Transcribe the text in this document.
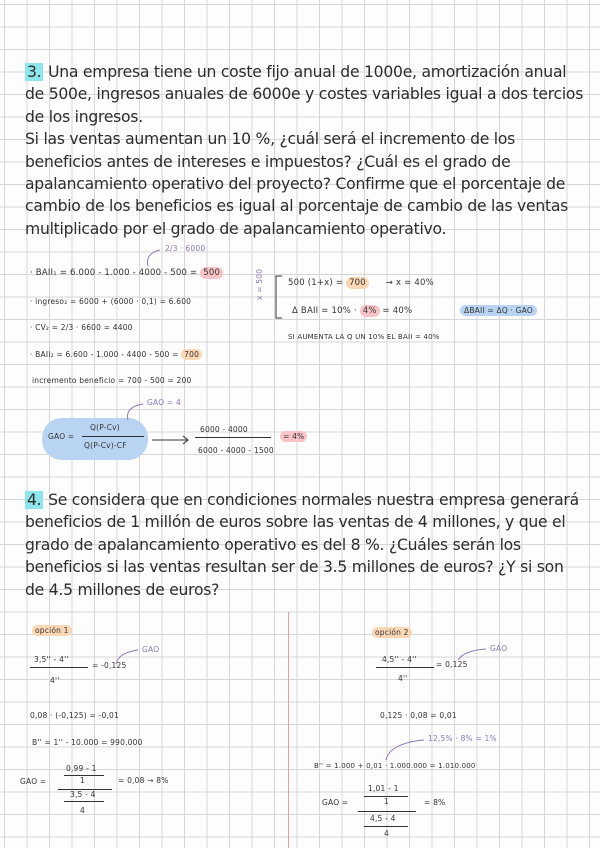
3. Una empresa tiene un coste fijo anual de 1000e, amortización anual de 500e, ingresos anuales de 6000e y costes variables igual a dos tercios de los ingresos.
Si las ventas aumentan un 10 %, ¿cuál será el incremento de los beneficios antes de intereses e impuestos? ¿Cuál es el grado de apalancamiento operativo del proyecto? Confirme que el porcentaje de cambio de los beneficios es igual al porcentaje de cambio de las ventas multiplicado por el grado de apalancamiento operativo.
2/3 · 6000
· BAII₁ = 6.000 - 1.000 - 4000 - 500 = 500
· ingreso₂ = 6000 + (6000 · 0,1) = 6.600
· CV₂ = 2/3 · 6600 = 4400
· BAII₂ = 6.600 - 1.000 - 4400 - 500 = 700
incremento beneficio = 700 - 500 = 200
x = 500	500 (1+x) = 700 → x = 40%
Δ BAII = 10% · 4% = 40%	ΔBAII = ΔQ · GAO
SI AUMENTA LA Q UN 10% EL BAII = 40%
GAO = 4
GAO =
Q(P-Cv)
Q(P-Cv)-CF
6000 - 4000
6000 - 4000 - 1500
= 4%
4. Se considera que en condiciones normales nuestra empresa generará beneficios de 1 millón de euros sobre las ventas de 4 millones, y que el grado de apalancamiento operativo es del 8 %. ¿Cuáles serán los beneficios si las ventas resultan ser de 3.5 millones de euros? ¿Y si son de 4.5 millones de euros?
opción 1
GAO
3,5'' - 4''
4''
= -0,125
0,08 · (-0,125) = -0,01
B'' = 1'' - 10.000 = 990.000
GAO =
0,99 - 1
1
3,5 - 4
4
= 0,08 → 8%
opción 2
GAO
4,5'' - 4''
4''
= 0,125
0,125 · 0,08 = 0,01
12,5% · 8% = 1%
B'' = 1.000 + 0,01 · 1.000.000 = 1.010.000
GAO =
1,01 - 1
1
4,5 - 4
4
= 8%
